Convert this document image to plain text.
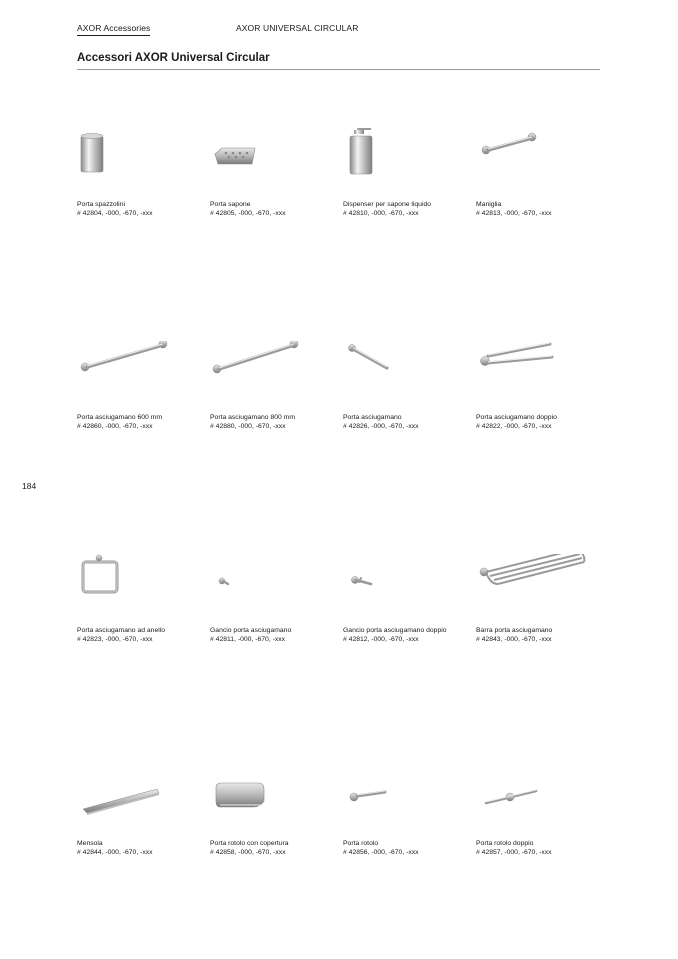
AXOR Accessories	AXOR UNIVERSAL CIRCULAR
Accessori AXOR Universal Circular
184
Porta spazzolini
# 42804, -000, -670, -xxx
Porta sapone
# 42805, -000, -670, -xxx
Dispenser per sapone liquido
# 42810, -000, -670, -xxx
Maniglia
# 42813, -000, -670, -xxx
Porta asciugamano 600 mm
# 42860, -000, -670, -xxx
Porta asciugamano 800 mm
# 42880, -000, -670, -xxx
Porta asciugamano
# 42826, -000, -670, -xxx
Porta asciugamano doppio
# 42822, -000, -670, -xxx
Porta asciugamano ad anello
# 42823, -000, -670, -xxx
Gancio porta asciugamano
# 42811, -000, -670, -xxx
Gancio porta asciugamano doppio
# 42812, -000, -670, -xxx
Barra porta asciugamano
# 42843, -000, -670, -xxx
Mensola
# 42844, -000, -670, -xxx
Porta rotolo con copertura
# 42858, -000, -670, -xxx
Porta rotolo
# 42856, -000, -670, -xxx
Porta rotolo doppio
# 42857, -000, -670, -xxx
